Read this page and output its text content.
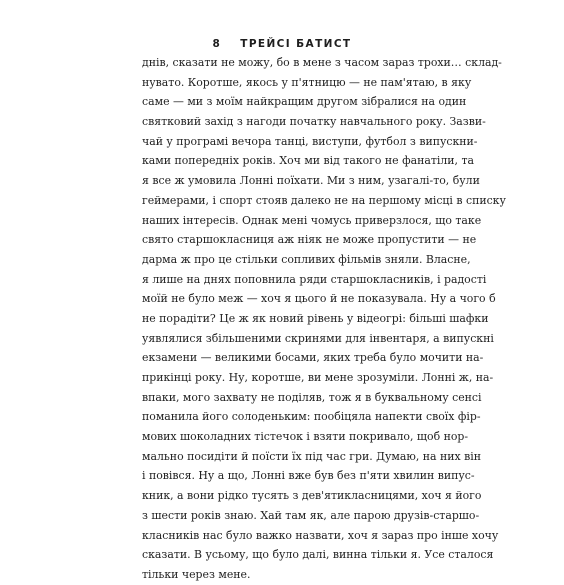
8 ТРЕЙСІ БАТИСТ
днів, сказати не можу, бо в мене з часом зараз трохи… склад-
нувато. Коротше, якось у п'ятницю — не пам'ятаю, в яку
саме — ми з моїм найкращим другом зібралися на один
святковий захід з нагоди початку навчального року. Зазви-
чай у програмі вечора танці, виступи, футбол з випускни-
ками попередніх років. Хоч ми від такого не фанатіли, та
я все ж умовила Лонні поїхати. Ми з ним, узагалі-то, були
геймерами, і спорт стояв далеко не на першому місці в списку
наших інтересів. Однак мені чомусь приверзлося, що таке
свято старшокласниця аж ніяк не може пропустити — не
дарма ж про це стільки сопливих фільмів зняли. Власне,
я лише на днях поповнила ряди старшокласників, і радості
моїй не було меж — хоч я цього й не показувала. Ну а чого б
не порадіти? Це ж як новий рівень у відеогрі: більші шафки
уявлялися збільшеними скринями для інвентаря, а випускні
екзамени — великими босами, яких треба було мочити на-
прикінці року. Ну, коротше, ви мене зрозуміли. Лонні ж, на-
впаки, мого захвату не поділяв, тож я в буквальному сенсі
поманила його солоденьким: пообіцяла напекти своїх фір-
мових шоколадних тістечок і взяти покривало, щоб нор-
мально посидіти й поїсти їх під час гри. Думаю, на них він
і повівся. Ну а що, Лонні вже був без п'яти хвилин випус-
кник, а вони рідко тусять з дев'ятикласницями, хоч я його
з шести років знаю. Хай там як, але парою друзів-старшо-
класників нас було важко назвати, хоч я зараз про інше хочу
сказати. В усьому, що було далі, винна тільки я. Усе сталося
тільки через мене.
